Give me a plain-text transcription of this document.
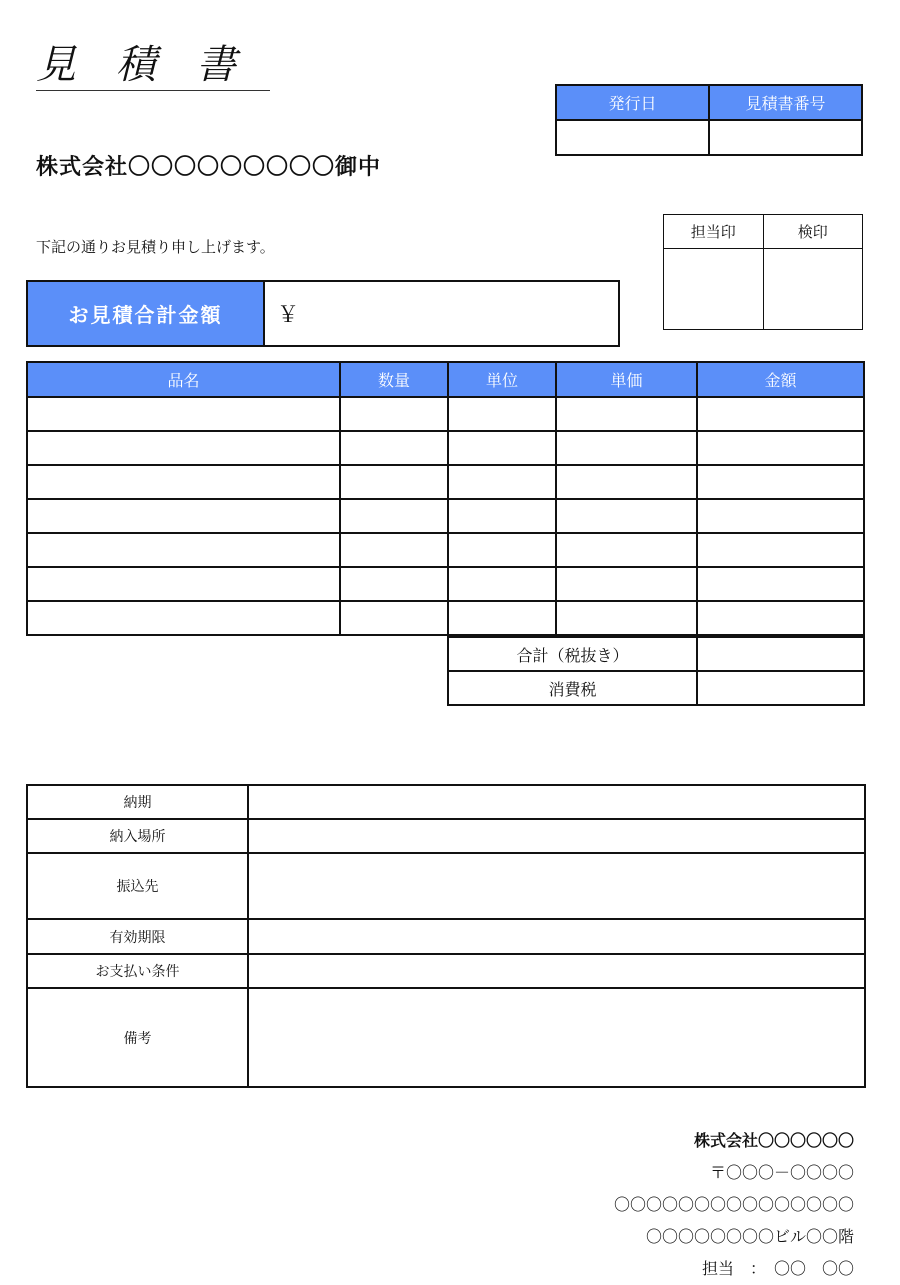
見積書
発行日	見積書番号

株式会社〇〇〇〇〇〇〇〇〇御中
下記の通りお見積り申し上げます。
担当印	検印

お見積合計金額	￥
品名	数量	単位	単価	金額

合計（税抜き）	
消費税	
納期	
納入場所	
振込先	
有効期限	
お支払い条件	
備考	
株式会社〇〇〇〇〇〇
〒〇〇〇－〇〇〇〇
〇〇〇〇〇〇〇〇〇〇〇〇〇〇〇
〇〇〇〇〇〇〇〇ビル〇〇階
担当　：　〇〇　〇〇
